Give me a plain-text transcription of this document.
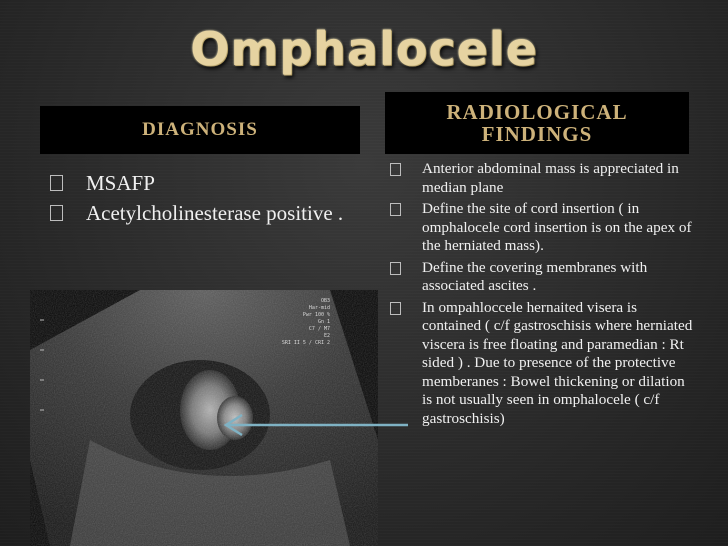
Omphalocele
DIAGNOSIS
RADIOLOGICAL
FINDINGS
MSAFP
Acetylcholinesterase positive .
Anterior abdominal mass is appreciated in median plane
Define the site of cord insertion ( in omphalocele cord insertion is on the apex of the herniated mass).
Define the covering membranes with associated ascites .
In ompahloccele hernaited visera is contained ( c/f gastroschisis where herniated viscera is free floating and paramedian : Rt sided ) . Due to presence of the protective memberanes : Bowel thickening or dilation is not usually seen in omphalocele ( c/f gastroschisis)
OB3
Har-mid
Pwr 100 %
Gn 1
C7 / M7
E2
SRI II 5 / CRI 2
